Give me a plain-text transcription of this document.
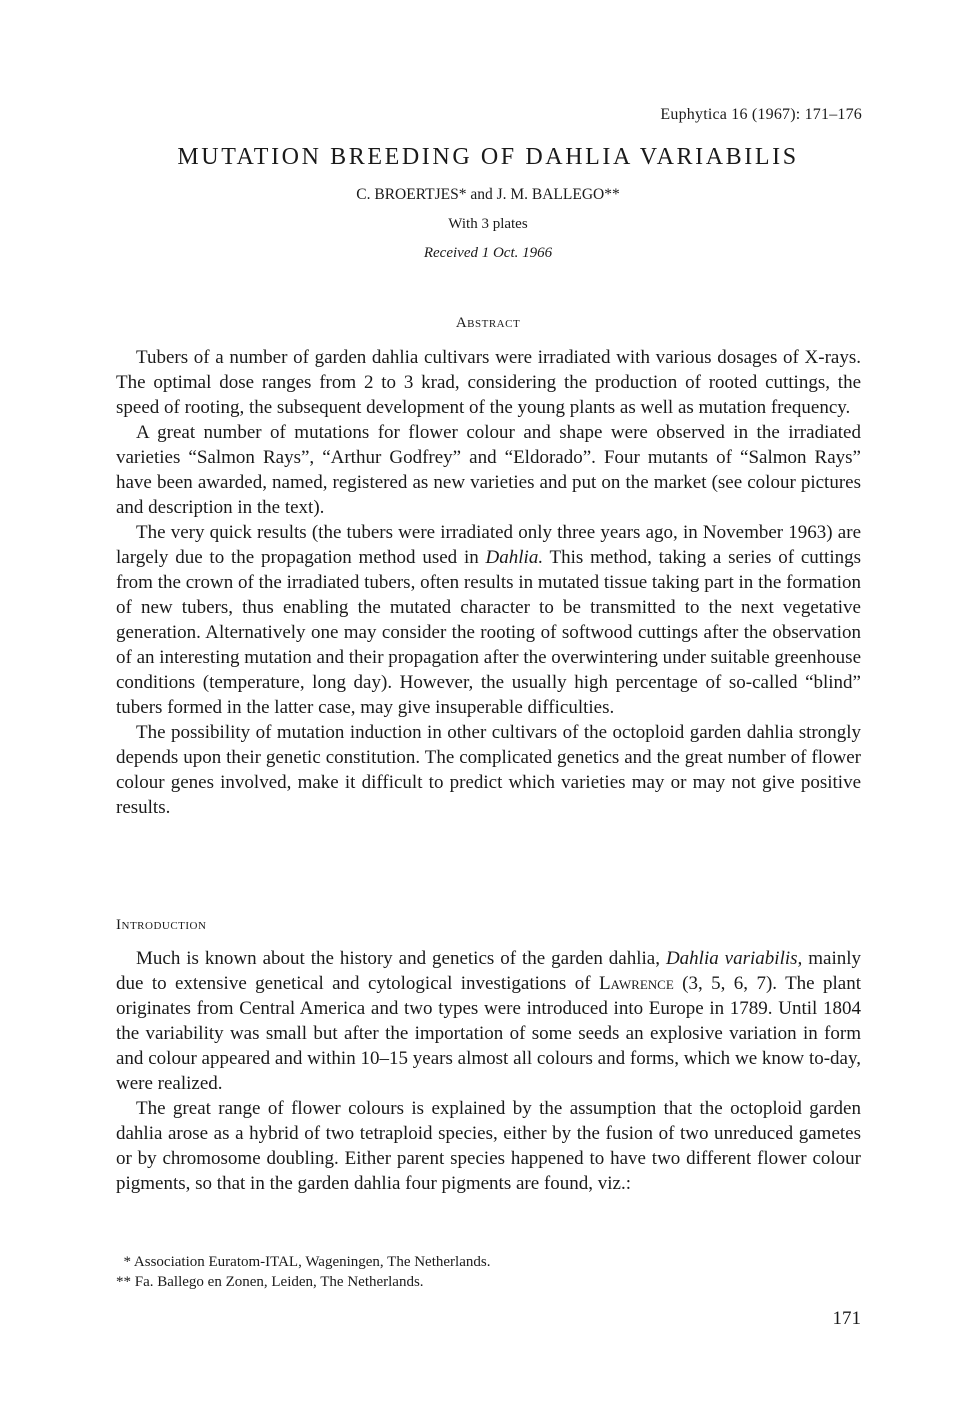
Euphytica 16 (1967): 171–176
MUTATION BREEDING OF DAHLIA VARIABILIS
C. BROERTJES* and J. M. BALLEGO**
With 3 plates
Received 1 Oct. 1966
Abstract

Tubers of a number of garden dahlia cultivars were irradiated with various dosages of X-rays. The optimal dose ranges from 2 to 3 krad, considering the production of rooted cuttings, the speed of rooting, the subsequent development of the young plants as well as mutation frequency.

A great number of mutations for flower colour and shape were observed in the irradiated varieties “Salmon Rays”, “Arthur Godfrey” and “Eldorado”. Four mutants of “Salmon Rays” have been awarded, named, registered as new varieties and put on the market (see colour pictures and description in the text).

The very quick results (the tubers were irradiated only three years ago, in November 1963) are largely due to the propagation method used in Dahlia. This method, taking a series of cuttings from the crown of the irradiated tubers, often results in mutated tissue taking part in the formation of new tubers, thus enabling the mutated character to be transmitted to the next vegetative generation. Alternatively one may consider the rooting of softwood cuttings after the observation of an interesting mutation and their propagation after the overwintering under suitable greenhouse conditions (temperature, long day). However, the usually high percentage of so-called “blind” tubers formed in the latter case, may give insuperable difficulties.

The possibility of mutation induction in other cultivars of the octoploid garden dahlia strongly depends upon their genetic constitution. The complicated genetics and the great number of flower colour genes involved, make it difficult to predict which varieties may or may not give positive results.

Introduction

Much is known about the history and genetics of the garden dahlia, Dahlia variabilis, mainly due to extensive genetical and cytological investigations of Lawrence (3, 5, 6, 7). The plant originates from Central America and two types were introduced into Europe in 1789. Until 1804 the variability was small but after the importation of some seeds an explosive variation in form and colour appeared and within 10–15 years almost all colours and forms, which we know to-day, were realized.

The great range of flower colours is explained by the assumption that the octoploid garden dahlia arose as a hybrid of two tetraploid species, either by the fusion of two unreduced gametes or by chromosome doubling. Either parent species happened to have two different flower colour pigments, so that in the garden dahlia four pigments are found, viz.:

* Association Euratom-ITAL, Wageningen, The Netherlands.

** Fa. Ballego en Zonen, Leiden, The Netherlands.

171
